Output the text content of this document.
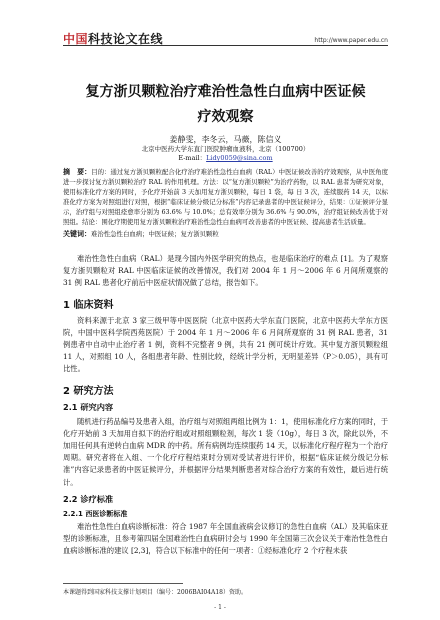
中国科技论文在线	http://www.paper.edu.cn
复方浙贝颗粒治疗难治性急性白血病中医证候
疗效观察
姜静雯，李冬云，马薇，陈信义
北京中医药大学东直门医院肿瘤血液科，北京（100700）
E-mail：Lidy0059@sina.com
摘　要：目的：通过复方浙贝颗粒配合化疗治疗难治性急性白血病（RAL）中医证候改善的疗效观察，从中医角度进一步探讨复方浙贝颗粒治疗 RAL 的作用机理。方法：以“复方浙贝颗粒”为治疗药物，以 RAL 患者为研究对象，使用标准化疗方案的同时，予化疗开始前 3 天加用复方浙贝颗粒，每日 1 袋，每 日 3 次，连续服药 14 天，以标准化疗方案为对照组进行对照，根据“临床证候分级记分标准”内容记录患者的中医证候评分，结果：①证候评分显示，治疗组与对照组痊愈率分别为 63.6% 与 10.0%；总有效率分别为 36.6% 与 90.0%，治疗组证候改善优于对照组。结论：围化疗期使用复方浙贝颗粒治疗难治性急性白血病可改善患者的中医证候、提高患者生活质量。
关键词：难治性急性白血病；中医证候；复方浙贝颗粒

难治性急性白血病（RAL）是现今国内外医学研究的热点，也是临床治疗的难点 [1]。为了观察复方浙贝颗粒对 RAL 中医临床证候的改善情况，我们对 2004 年 1 月～2006 年 6 月间所观察的 31 例 RAL 患者化疗前后中医症状情况做了总结，报告如下。

1 临床资料

资料来源于北京 3 家三级甲等中医医院（北京中医药大学东直门医院，北京中医药大学东方医院，中国中医科学院西苑医院）于 2004 年 1 月～2006 年 6 月间所观察的 31 例 RAL 患者，31 例患者中自动中止治疗者 1 例，资料不完整者 9 例，共有 21 例可统计疗效。其中复方浙贝颗粒组 11 人，对照组 10 人，各组患者年龄、性别比较，经统计学分析，无明显差异（P＞0.05），具有可比性。

2 研究方法
2.1 研究内容

随机进行药品编号及患者入组，治疗组与对照组两组比例为 1：1，使用标准化疗方案的同时，于化疗开始前 3 天加用自拟下的治疗组或对照组颗粒剂，每次 1 袋（10g），每日 3 次，除此以外，不加用任何具有逆转白血病 MDR 的中药。所有病例均连续服药 14 天，以标准化疗程疗程为一个治疗周期。研究者将在入组、一个化疗疗程结束时分别对受试者进行评价，根据“临床证候分级记分标准”内容记录患者的中医证候评分，并根据评分结果判断患者对综合治疗方案的有效性，最后进行统计。

2.2 诊疗标准
2.2.1 西医诊断标准

难治性急性白血病诊断标准：符合 1987 年全国血液病会议修订的急性白血病（AL）及其临床亚型的诊断标准，且参考第四届全国难治性白血病研讨会与 1990 年全国第三次会议关于难治性急性白血病诊断标准的建议 [2,3]，符合以下标准中的任何一项者：①经标准化疗 2 个疗程未获

本课题得到国家科技支撑计划项目（编号：2006BAI04A18）资助。
- 1 -
